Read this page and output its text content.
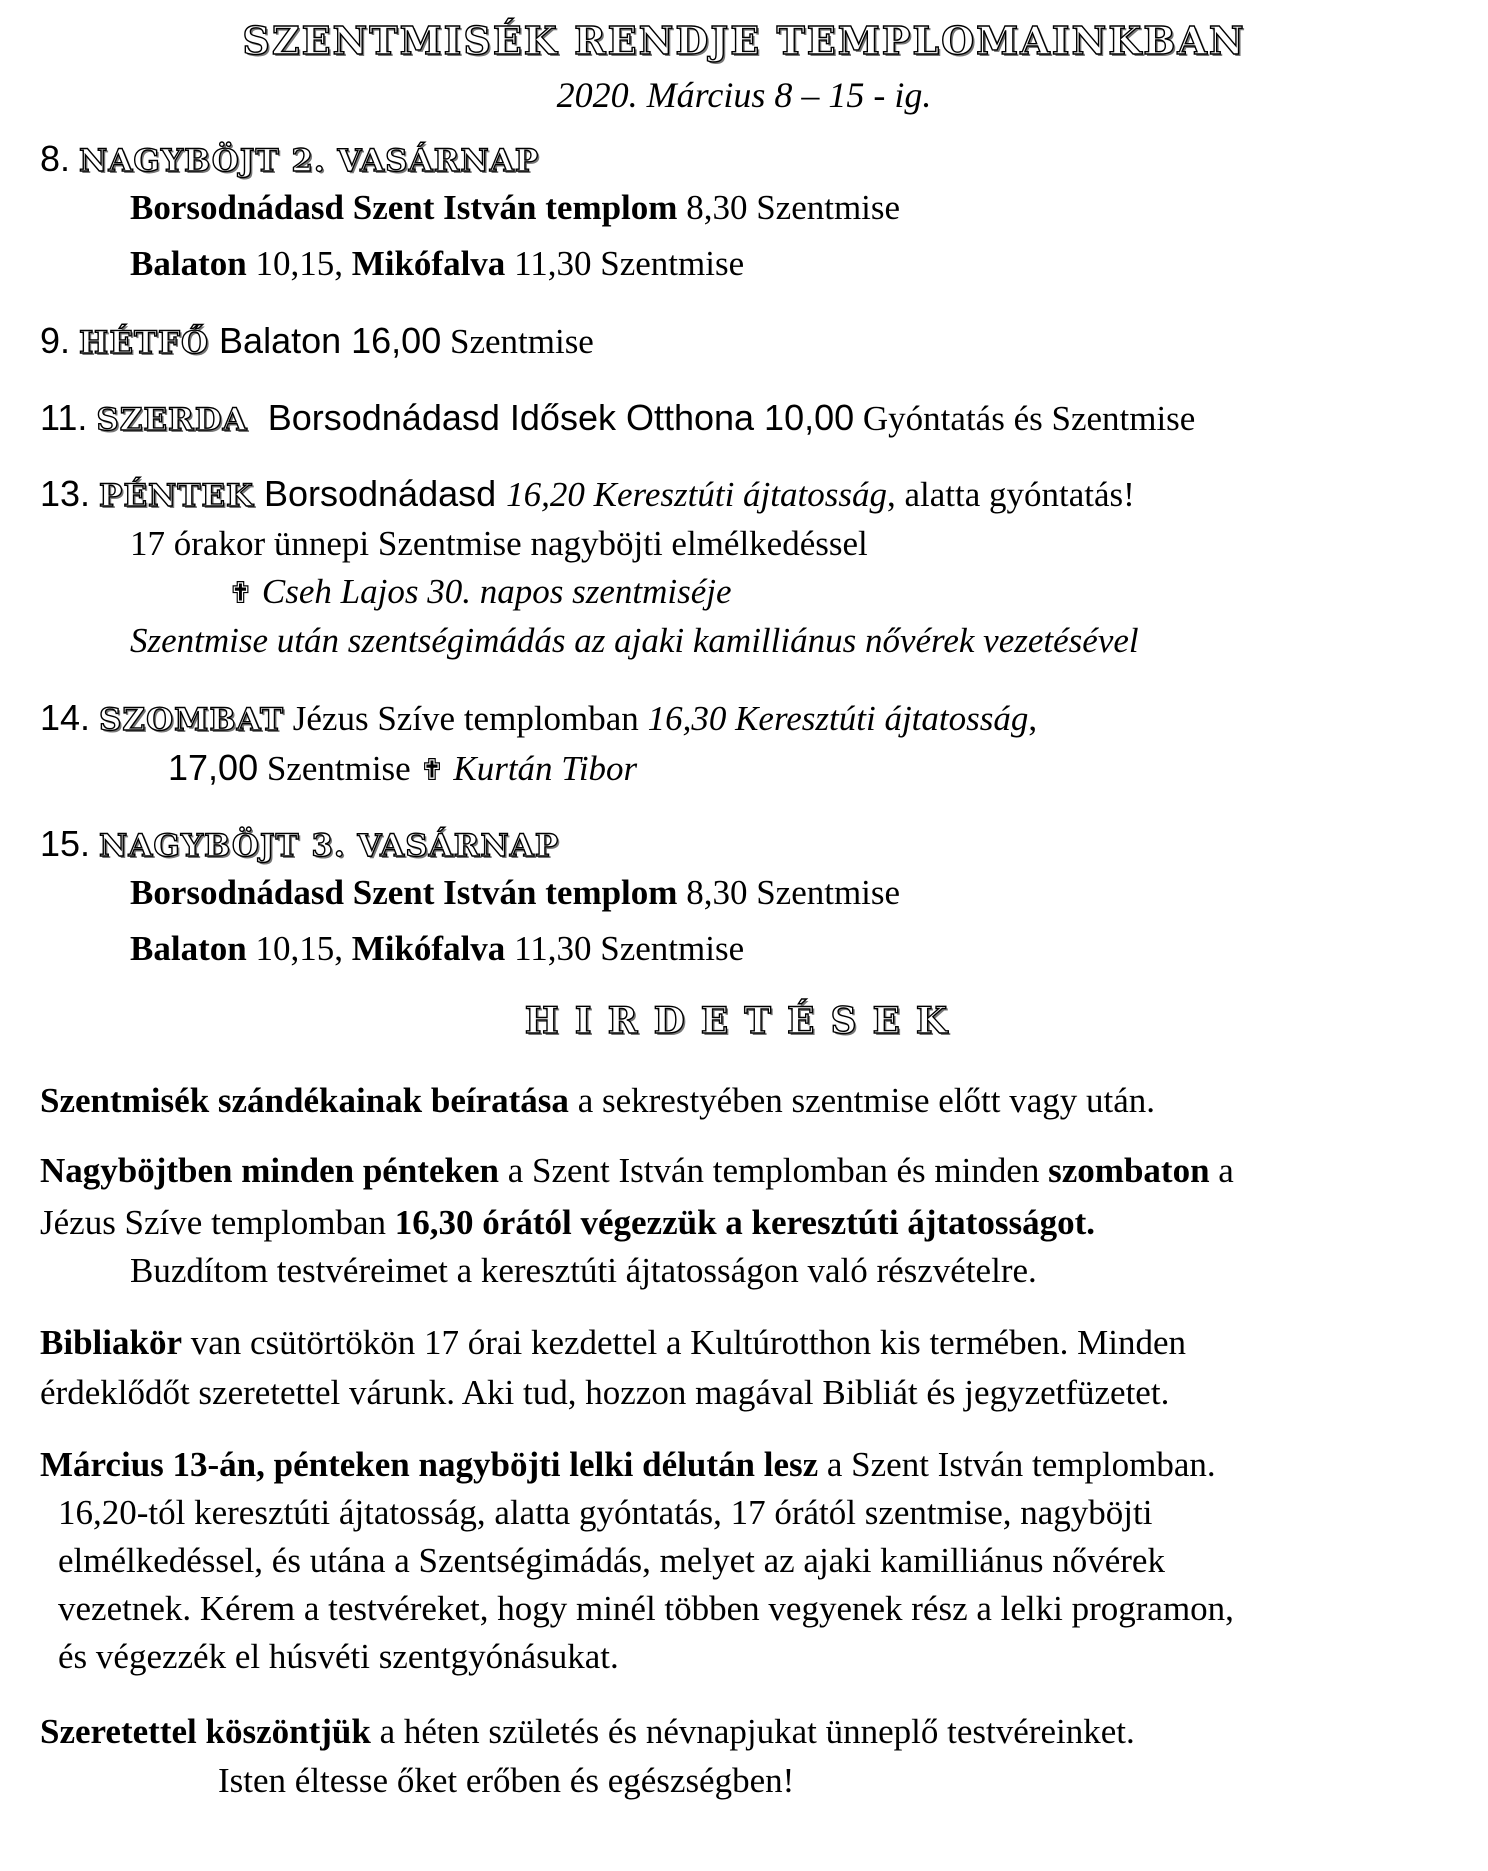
SZENTMISÉK RENDJE TEMPLOMAINKBAN
2020. Március 8 – 15 - ig.
8. NAGYBÖJT 2. VASÁRNAP
Borsodnádasd Szent István templom 8,30 Szentmise
Balaton 10,15, Mikófalva 11,30 Szentmise
9. HÉTFŐ Balaton 16,00 Szentmise
11. SZERDA  Borsodnádasd Idősek Otthona 10,00 Gyóntatás és Szentmise
13. PÉNTEK Borsodnádasd 16,20 Keresztúti ájtatosság, alatta gyóntatás!
17 órakor ünnepi Szentmise nagyböjti elmélkedéssel
✟ Cseh Lajos 30. napos szentmiséje
Szentmise után szentségimádás az ajaki kamilliánus nővérek vezetésével
14. SZOMBAT Jézus Szíve templomban 16,30 Keresztúti ájtatosság,
17,00 Szentmise ✟ Kurtán Tibor
15. NAGYBÖJT 3. VASÁRNAP
Borsodnádasd Szent István templom 8,30 Szentmise
Balaton 10,15, Mikófalva 11,30 Szentmise
HIRDETÉSEK
Szentmisék szándékainak beíratása a sekrestyében szentmise előtt vagy után.
Nagyböjtben minden pénteken a Szent István templomban és minden szombaton a
Jézus Szíve templomban 16,30 órától végezzük a keresztúti ájtatosságot.
Buzdítom testvéreimet a keresztúti ájtatosságon való részvételre.
Bibliakör van csütörtökön 17 órai kezdettel a Kultúrotthon kis termében. Minden
érdeklődőt szeretettel várunk. Aki tud, hozzon magával Bibliát és jegyzetfüzetet.
Március 13-án, pénteken nagyböjti lelki délután lesz a Szent István templomban.
16,20-tól keresztúti ájtatosság, alatta gyóntatás, 17 órától szentmise, nagyböjti
elmélkedéssel, és utána a Szentségimádás, melyet az ajaki kamilliánus nővérek
vezetnek. Kérem a testvéreket, hogy minél többen vegyenek rész a lelki programon,
és végezzék el húsvéti szentgyónásukat.
Szeretettel köszöntjük a héten születés és névnapjukat ünneplő testvéreinket.
Isten éltesse őket erőben és egészségben!
